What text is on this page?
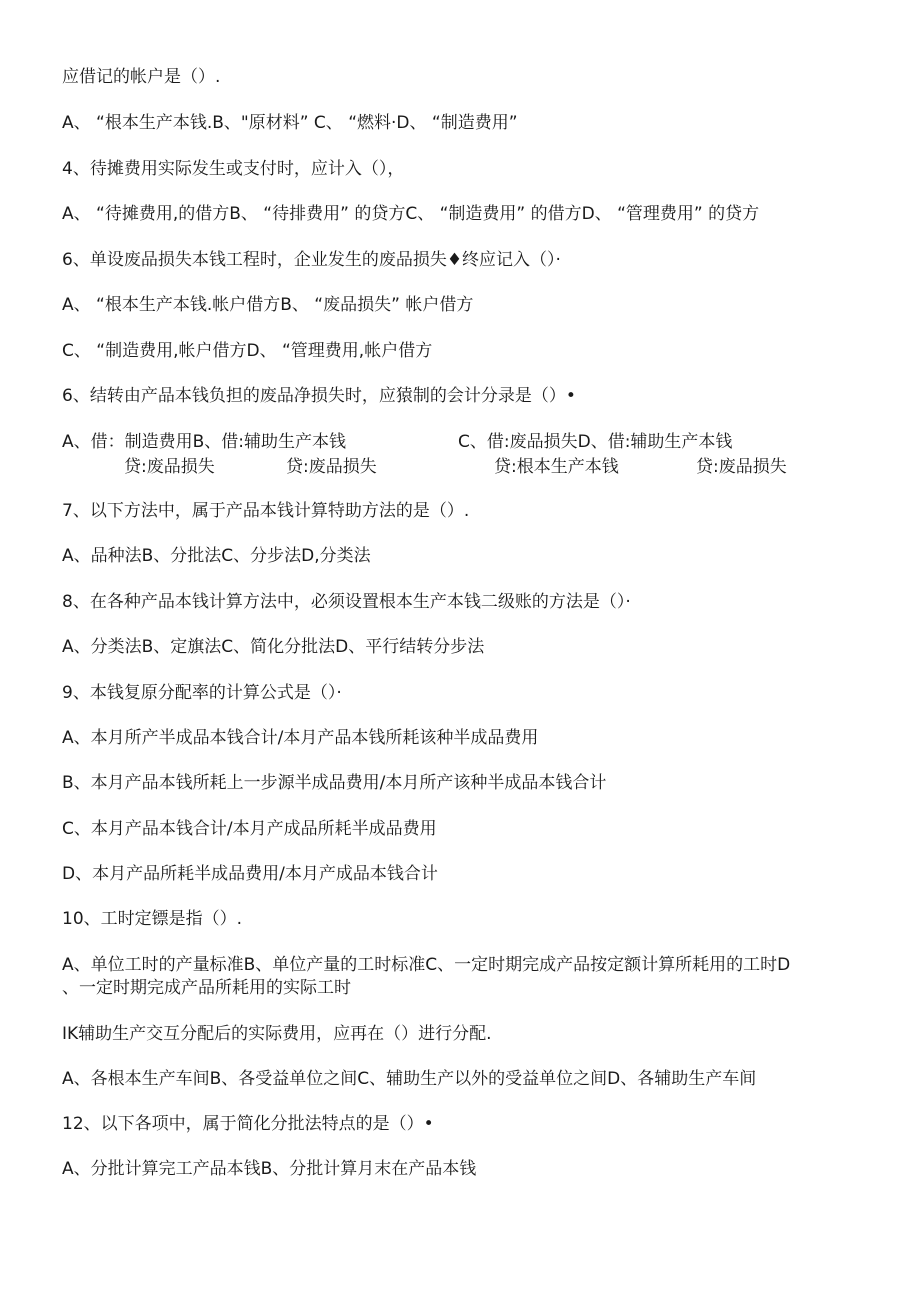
应借记的帐户是（）.
A、 “根本生产本钱.B、"原材料” C、 “燃料·D、 “制造费用”
4、待摊费用实际发生或支付时，应计入（），
A、 “待摊费用,的借方B、 “待排费用” 的贷方C、 “制造费用” 的借方D、 “管理费用” 的贷方
6、单设废品损失本钱工程时，企业发生的废品损失♦终应记入（）·
A、 “根本生产本钱.帐户借方B、 “废品损失” 帐户借方
C、 “制造费用,帐户借方D、 “管理费用,帐户借方
6、结转由产品本钱负担的废品净损失时，应猿制的会计分录是（）•
A、借：制造费用B、借:辅助生产本钱	C、借:废品损失D、借:辅助生产本钱
贷:废品损失	贷:废品损失	贷:根本生产本钱	贷:废品损失
7、以下方法中，属于产品本钱计算特助方法的是（）.
A、品种法B、分批法C、分步法D,分类法
8、在各种产品本钱计算方法中，必须设置根本生产本钱二级账的方法是（）·
A、分类法B、定旗法C、简化分批法D、平行结转分步法
9、本钱复原分配率的计算公式是（）·
A、本月所产半成品本钱合计/本月产品本钱所耗该种半成品费用
B、本月产品本钱所耗上一步源半成品费用/本月所产该种半成品本钱合计
C、本月产品本钱合计/本月产成品所耗半成品费用
D、本月产品所耗半成品费用/本月产成品本钱合计
10、工时定镖是指（）.
A、单位工时的产量标准B、单位产量的工时标准C、一定时期完成产品按定额计算所耗用的工时D
、一定时期完成产品所耗用的实际工时
IK辅助生产交互分配后的实际费用，应再在（）进行分配.
A、各根本生产车间B、各受益单位之间C、辅助生产以外的受益单位之间D、各辅助生产车间
12、以下各项中，属于简化分批法特点的是（）•
A、分批计算完工产品本钱B、分批计算月末在产品本钱
